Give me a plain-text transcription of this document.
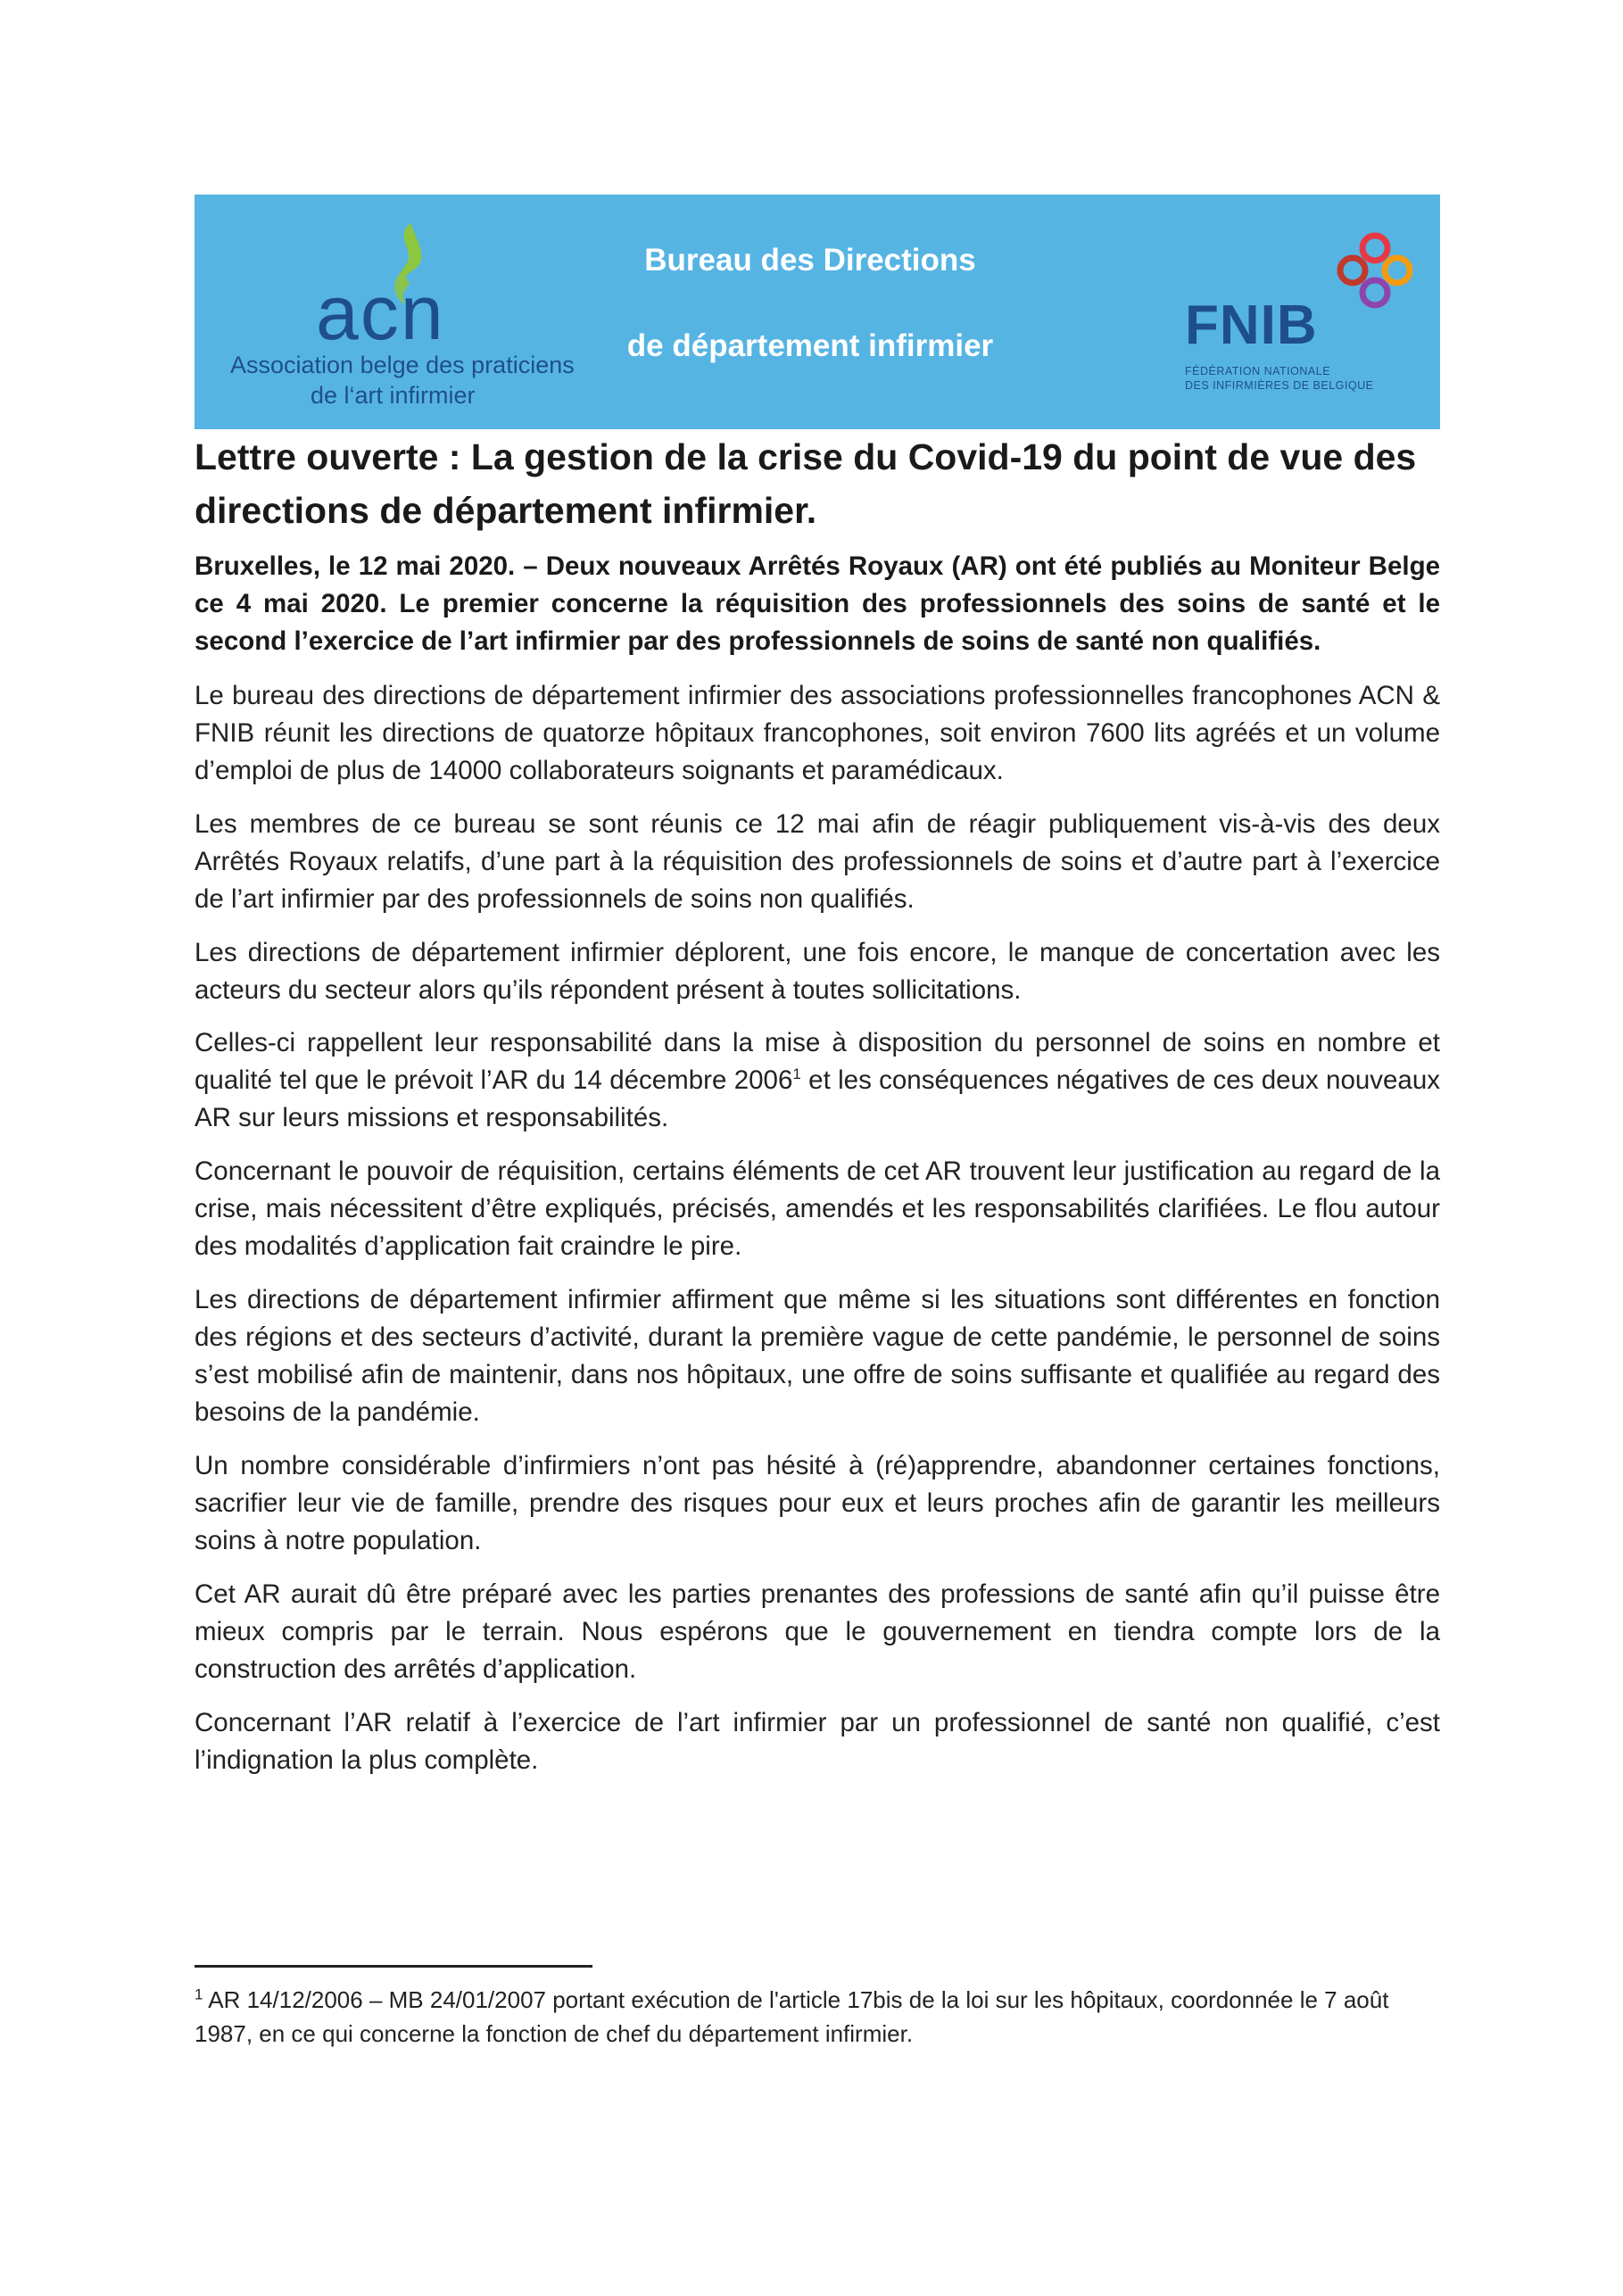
acn
Association belge des praticiens
de l‘art infirmier
Bureau des Directions
de département infirmier	FNIB
FÉDÉRATION NATIONALE
DES INFIRMIÈRES DE BELGIQUE
Lettre ouverte : La gestion de la crise du Covid-19 du point de vue des directions de département infirmier.
Bruxelles, le 12 mai 2020. – Deux nouveaux Arrêtés Royaux (AR) ont été publiés au Moniteur Belge ce 4 mai 2020. Le premier concerne la réquisition des professionnels des soins de santé et le second l’exercice de l’art infirmier par des professionnels de soins de santé non qualifiés.
Le bureau des directions de département infirmier des associations professionnelles francophones ACN & FNIB réunit les directions de quatorze hôpitaux francophones, soit environ 7600 lits agréés et un volume d’emploi de plus de 14000 collaborateurs soignants et paramédicaux.
Les membres de ce bureau se sont réunis ce 12 mai afin de réagir publiquement vis-à-vis des deux Arrêtés Royaux relatifs, d’une part à la réquisition des professionnels de soins et d’autre part à l’exercice de l’art infirmier par des professionnels de soins non qualifiés.
Les directions de département infirmier déplorent, une fois encore, le manque de concertation avec les acteurs du secteur alors qu’ils répondent présent à toutes sollicitations.
Celles-ci rappellent leur responsabilité dans la mise à disposition du personnel de soins en nombre et qualité tel que le prévoit l’AR du 14 décembre 2006$^1$ et les conséquences négatives de ces deux nouveaux AR sur leurs missions et responsabilités.
Concernant le pouvoir de réquisition, certains éléments de cet AR trouvent leur justification au regard de la crise, mais nécessitent d’être expliqués, précisés, amendés et les responsabilités clarifiées. Le flou autour des modalités d’application fait craindre le pire.
Les directions de département infirmier affirment que même si les situations sont différentes en fonction des régions et des secteurs d’activité, durant la première vague de cette pandémie, le personnel de soins s’est mobilisé afin de maintenir, dans nos hôpitaux, une offre de soins suffisante et qualifiée au regard des besoins de la pandémie.
Un nombre considérable d’infirmiers n’ont pas hésité à (ré)apprendre, abandonner certaines fonctions, sacrifier leur vie de famille, prendre des risques pour eux et leurs proches afin de garantir les meilleurs soins à notre population.
Cet AR aurait dû être préparé avec les parties prenantes des professions de santé afin qu’il puisse être mieux compris par le terrain. Nous espérons que le gouvernement en tiendra compte lors de la construction des arrêtés d’application.
Concernant l’AR relatif à l’exercice de l’art infirmier par un professionnel de santé non qualifié, c’est l’indignation la plus complète.
$^1$ AR 14/12/2006 – MB 24/01/2007 portant exécution de l'article 17bis de la loi sur les hôpitaux, coordonnée le 7 août 1987, en ce qui concerne la fonction de chef du département infirmier.
